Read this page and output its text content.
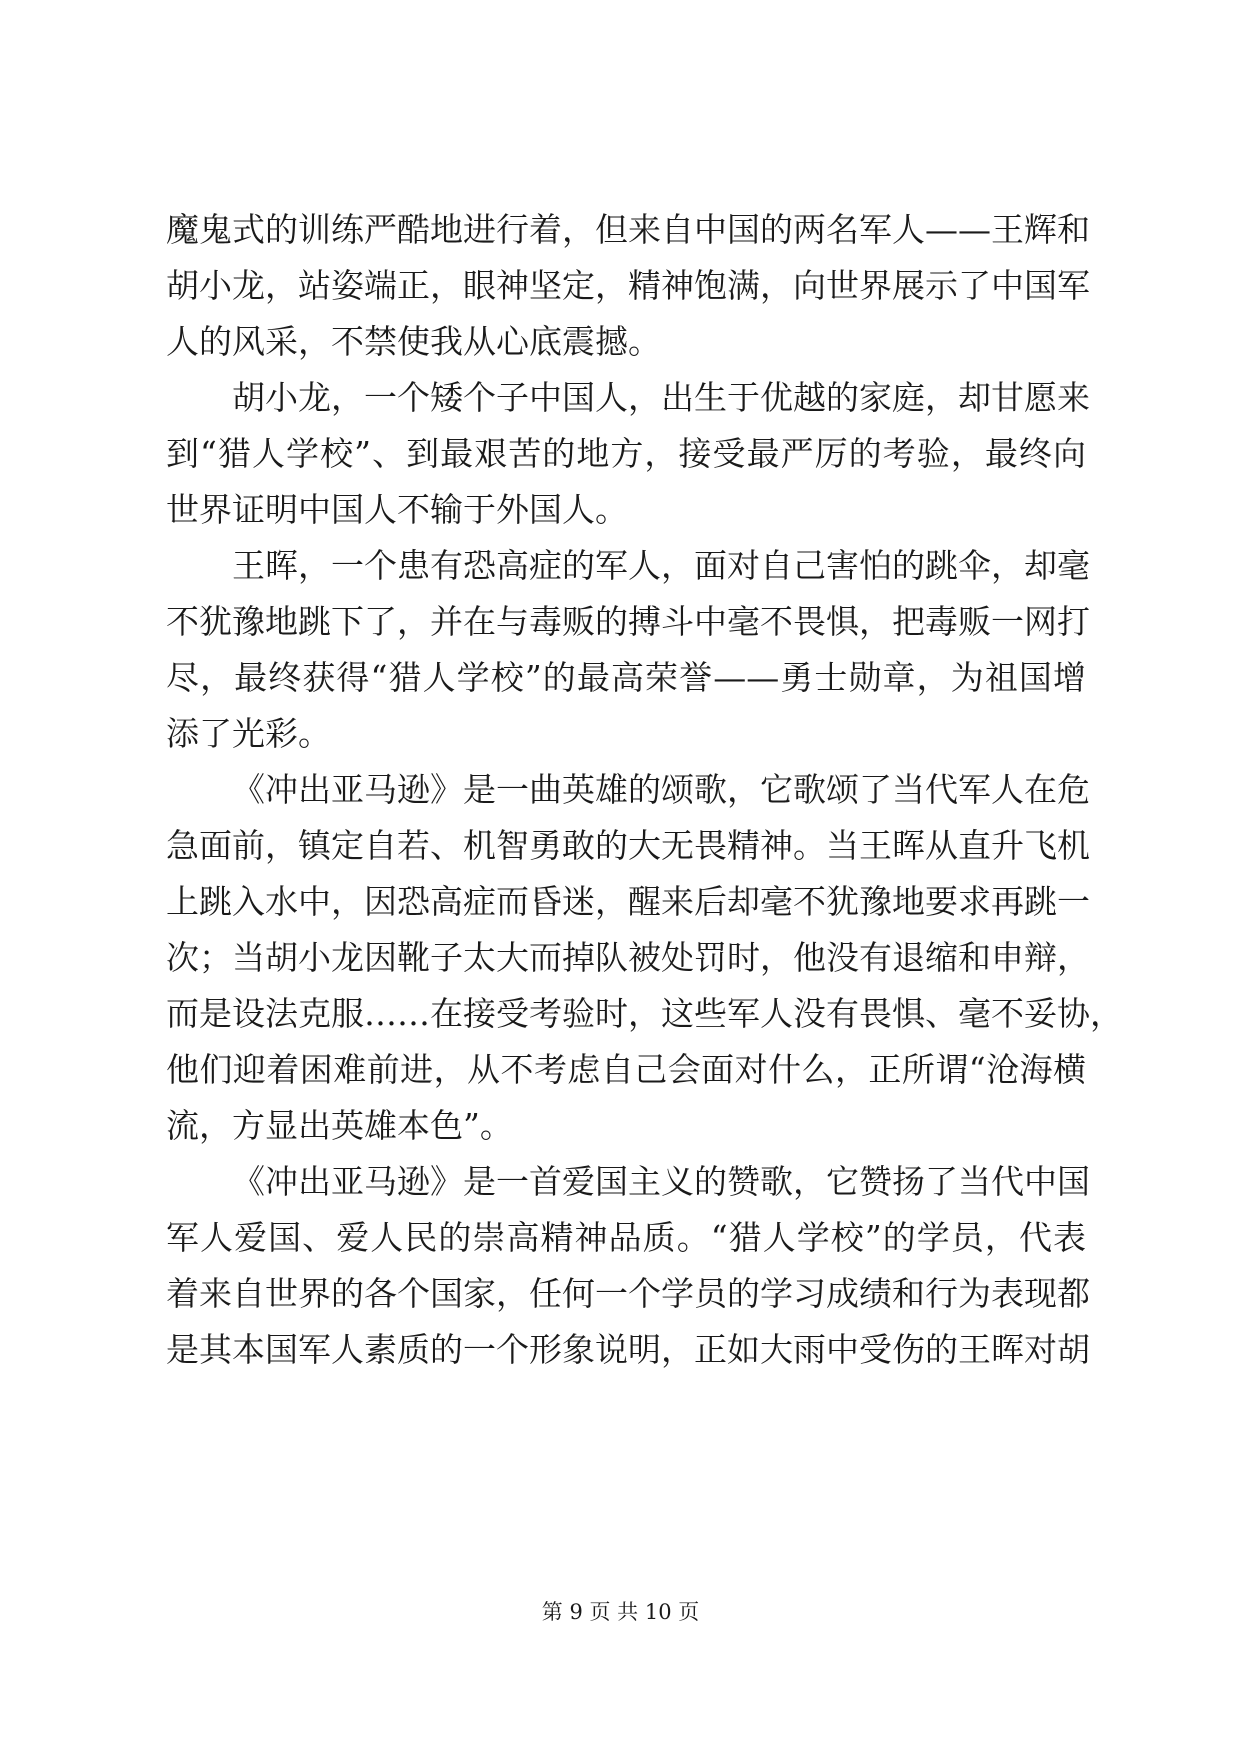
魔鬼式的训练严酷地进行着，但来自中国的两名军人——王辉和
胡小龙，站姿端正，眼神坚定，精神饱满，向世界展示了中国军
人的风采，不禁使我从心底震撼。
胡小龙，一个矮个子中国人，出生于优越的家庭，却甘愿来
到“猎人学校”、到最艰苦的地方，接受最严厉的考验，最终向
世界证明中国人不输于外国人。
王晖，一个患有恐高症的军人，面对自己害怕的跳伞，却毫
不犹豫地跳下了，并在与毒贩的搏斗中毫不畏惧，把毒贩一网打
尽，最终获得“猎人学校”的最高荣誉——勇士勋章，为祖国增
添了光彩。
《冲出亚马逊》是一曲英雄的颂歌，它歌颂了当代军人在危
急面前，镇定自若、机智勇敢的大无畏精神。当王晖从直升飞机
上跳入水中，因恐高症而昏迷，醒来后却毫不犹豫地要求再跳一
次；当胡小龙因靴子太大而掉队被处罚时，他没有退缩和申辩，
而是设法克服……在接受考验时，这些军人没有畏惧、毫不妥协，
他们迎着困难前进，从不考虑自己会面对什么，正所谓“沧海横
流，方显出英雄本色”。
《冲出亚马逊》是一首爱国主义的赞歌，它赞扬了当代中国
军人爱国、爱人民的崇高精神品质。“猎人学校”的学员，代表
着来自世界的各个国家，任何一个学员的学习成绩和行为表现都
是其本国军人素质的一个形象说明，正如大雨中受伤的王晖对胡
第 9 页 共 10 页
